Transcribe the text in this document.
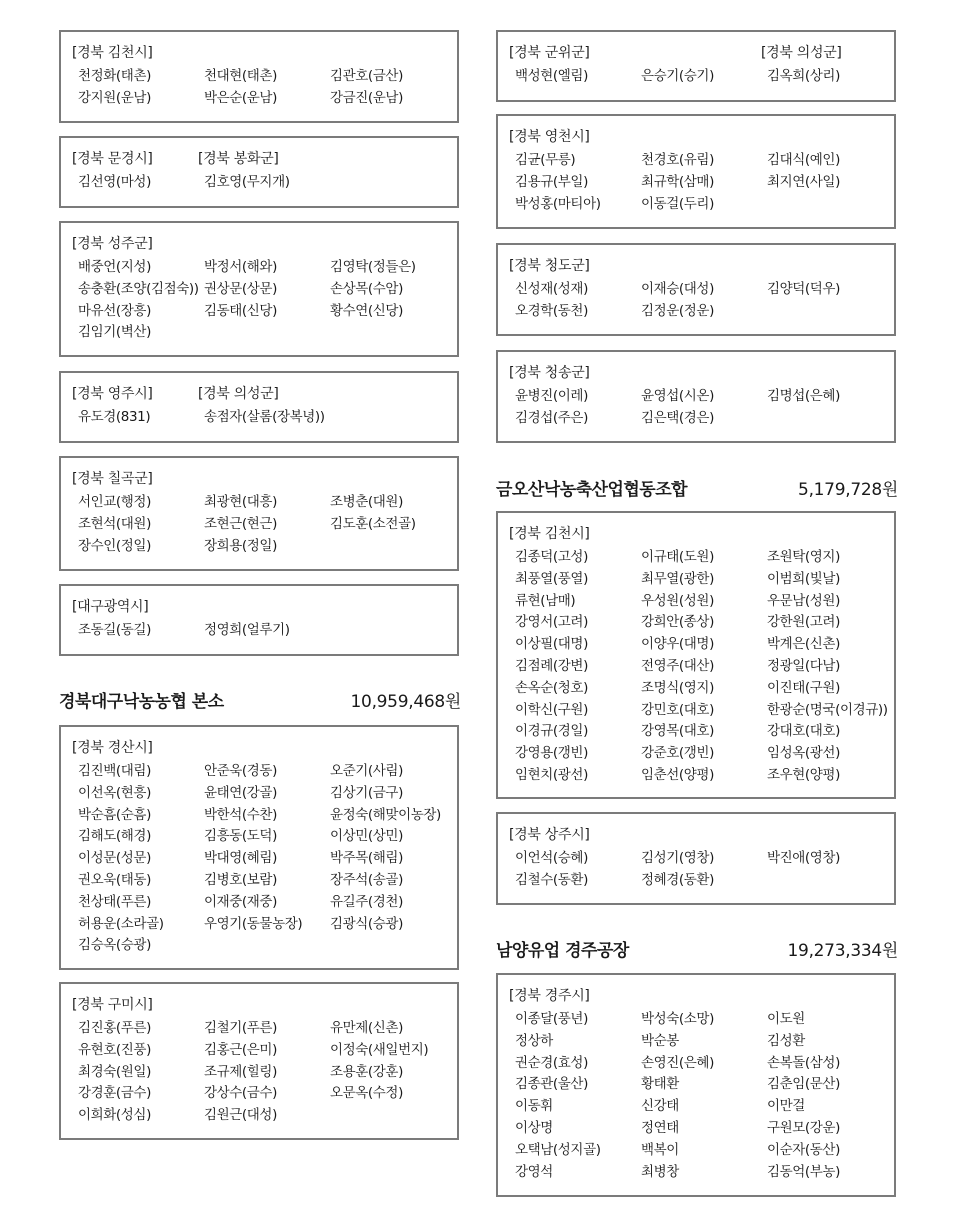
[경북 김천시]
천정화(태촌)	천대현(태촌)	김관호(금산)
강지원(운남)	박은순(운남)	강금진(운남)
[경북 문경시]	[경북 봉화군]
김선영(마성)	김호영(무지개)
[경북 성주군]
배중언(지성)	박정서(해와)	김영탁(정들은)
송충환(조양(김점숙)) 권상문(상문)	손상목(수암)
마유선(장흥)	김동태(신당)	황수연(신당)
김임기(벽산)
[경북 영주시]	[경북 의성군]
유도경(831)	송점자(살롬(장복녕))
[경북 칠곡군]
서인교(행정)	최광현(대흥)	조병춘(대원)
조현석(대원)	조현근(현근)	김도훈(소전골)
장수인(정일)	장희용(정일)
[대구광역시]
조동길(동길)	정영희(얼루기)
경북대구낙농농협 본소	10,959,468원
[경북 경산시]
김진백(대림)	안준욱(경동)	오준기(사림)
이선옥(현흥)	윤태연(강골)	김상기(금구)
박순흠(순흠)	박한석(수찬)	윤정숙(해맞이농장)
김해도(해경)	김흥동(도덕)	이상민(상민)
이성문(성문)	박대영(혜림)	박주목(해림)
권오욱(태동)	김병호(보람)	장주석(송골)
천상태(푸른)	이재중(재중)	유길주(경천)
허용운(소라골)	우영기(동물농장)	김광식(승광)
김승옥(승광)
[경북 구미시]
김진홍(푸른)	김철기(푸른)	유만제(신촌)
유현호(진풍)	김홍근(은미)	이정숙(새일번지)
최경숙(원일)	조규제(힐링)	조용훈(강훈)
강경훈(금수)	강상수(금수)	오문옥(수정)
이희화(성심)	김원근(대성)
[경북 군위군]	[경북 의성군]
백성현(엘림)	은승기(승기)	김옥희(상리)
[경북 영천시]
김균(무릉)	천경호(유림)	김대식(예인)
김용규(부일)	최규학(삼매)	최지연(사일)
박성홍(마티아)	이동걸(두리)
[경북 청도군]
신성재(성재)	이재승(대성)	김양덕(덕우)
오경학(동천)	김정운(정운)
[경북 청송군]
윤병진(이레)	윤영섭(시온)	김명섭(은혜)
김경섭(주은)	김은택(경은)
금오산낙농축산업협동조합	5,179,728원
[경북 김천시]
김종덕(고성)	이규태(도원)	조원탁(영지)
최풍열(풍열)	최무열(광한)	이범희(빛날)
류현(남매)	우성원(성원)	우문남(성원)
강영서(고려)	강희안(종상)	강한원(고려)
이상필(대명)	이양우(대명)	박계은(신촌)
김점례(강변)	전영주(대산)	정광일(다남)
손옥순(청호)	조명식(영지)	이진태(구원)
이학신(구원)	강민호(대호)	한광순(명국(이경규))
이경규(경일)	강영목(대호)	강대호(대호)
강영용(갱빈)	강준호(갱빈)	임성옥(광선)
임현치(광선)	임춘선(양평)	조우현(양평)
[경북 상주시]
이언석(승혜)	김성기(영창)	박진애(영창)
김철수(동환)	정혜경(동환)
남양유업 경주공장	19,273,334원
[경북 경주시]
이종달(풍년)	박성숙(소망)	이도원
정상하	박순봉	김성환
권순경(효성)	손영진(은혜)	손복돌(삼성)
김종관(울산)	황태환	김춘임(문산)
이동휘	신강태	이만걸
이상명	정연태	구원모(강운)
오택남(성지골)	백복이	이순자(동산)
강영석	최병창	김동억(부농)
